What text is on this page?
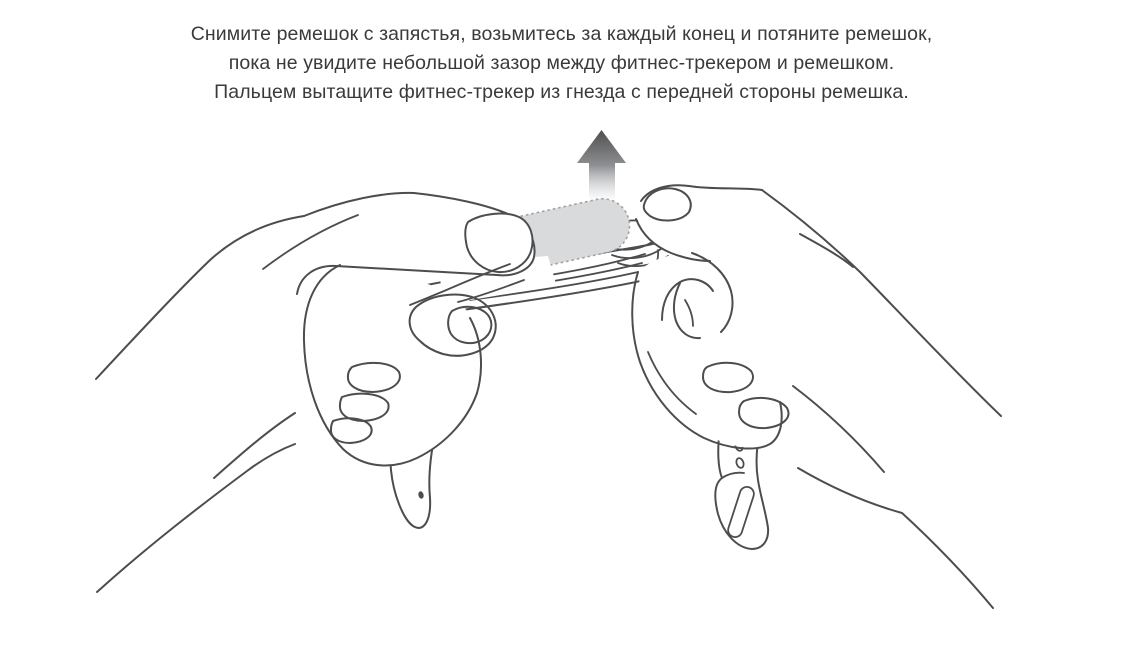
Снимите ремешок с запястья, возьмитесь за каждый конец и потяните ремешок,
пока не увидите небольшой зазор между фитнес-трекером и ремешком.
Пальцем вытащите фитнес-трекер из гнезда с передней стороны ремешка.
